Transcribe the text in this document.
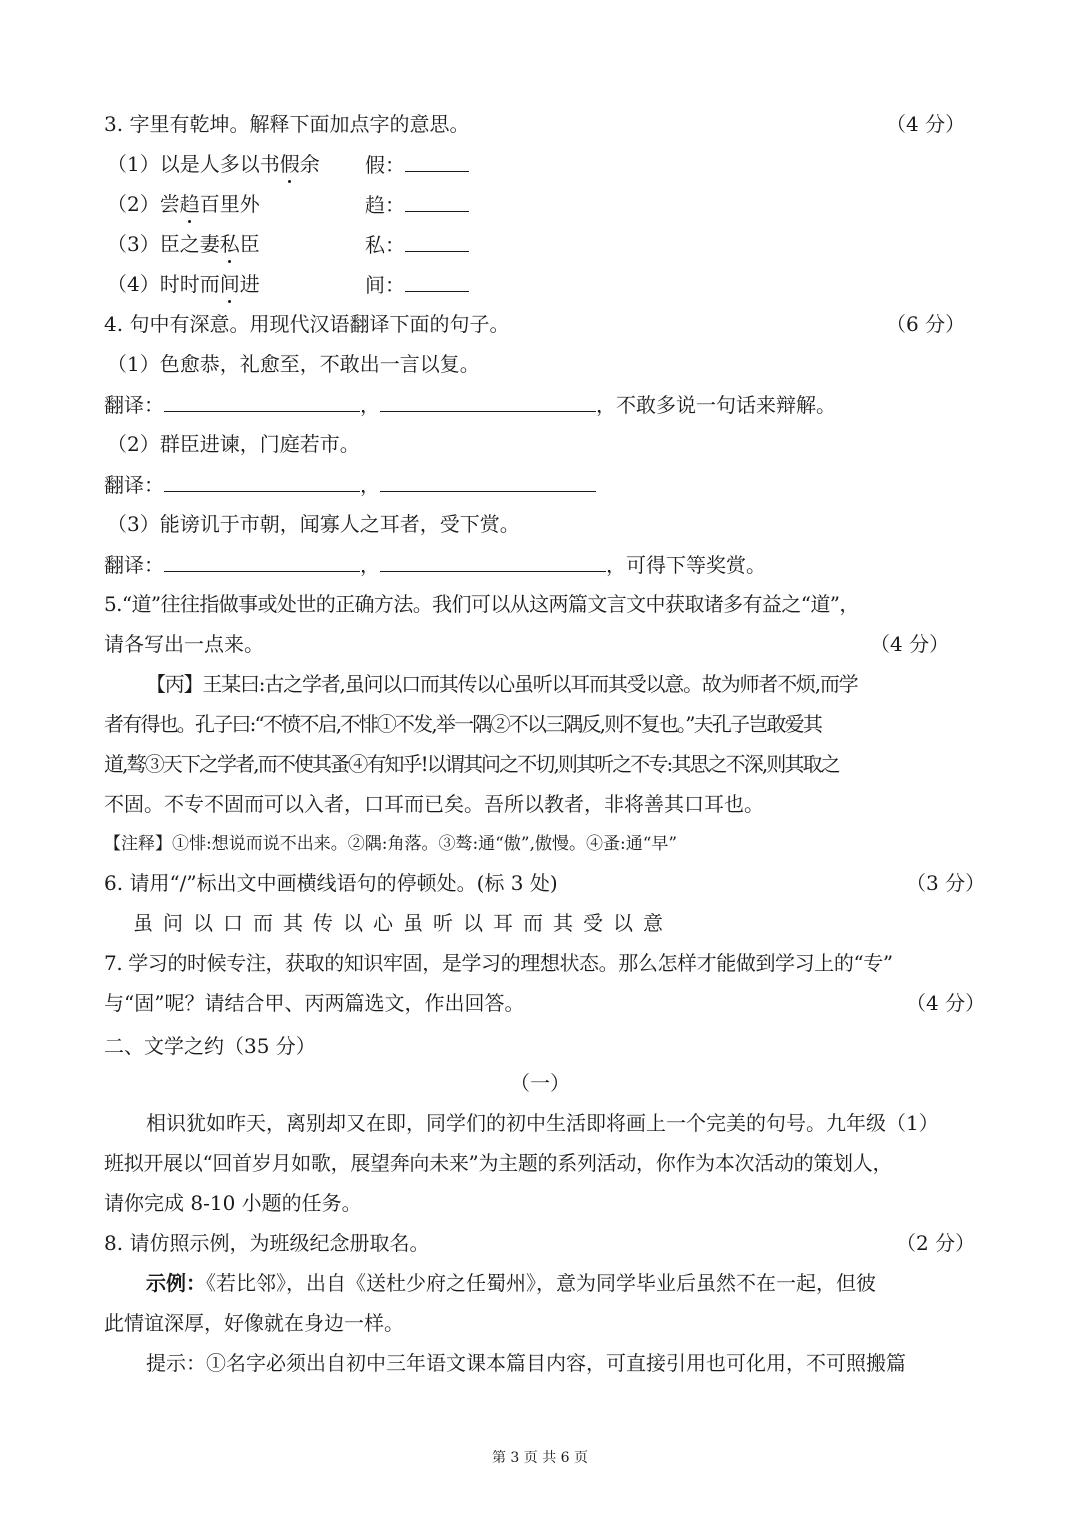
3. 字里有乾坤。解释下面加点字的意思。	（4 分）
（1）以是人多以书假余 假：
（2）尝趋百里外	趋：
（3）臣之妻私臣	私：
（4）时时而间进	间：
4. 句中有深意。用现代汉语翻译下面的句子。	（6 分）
（1）色愈恭，礼愈至，不敢出一言以复。
翻译：	，	，不敢多说一句话来辩解。
（2）群臣进谏，门庭若市。
翻译：	，
（3）能谤讥于市朝，闻寡人之耳者，受下赏。
翻译：	，	，可得下等奖赏。
5.“道”往往指做事或处世的正确方法。我们可以从这两篇文言文中获取诸多有益之“道”，
请各写出一点来。	（4 分）
【丙】王某曰:古之学者,虽问以口而其传以心虽听以耳而其受以意。故为师者不烦,而学
者有得也。孔子曰:“不愤不启,不悱①不发,举一隅②不以三隅反,则不复也。”夫孔子岂敢爱其
道,骜③天下之学者,而不使其蚤④有知乎!以谓其问之不切,则其听之不专:其思之不深,则其取之
不固。不专不固而可以入者，口耳而已矣。吾所以教者，非将善其口耳也。
【注释】①悱:想说而说不出来。②隅:角落。③骜:通“傲”,傲慢。④蚤:通“早”
6. 请用“/”标出文中画横线语句的停顿处。(标 3 处)	（3 分）
虽问以口而其传以心虽听以耳而其受以意
7. 学习的时候专注，获取的知识牢固，是学习的理想状态。那么怎样才能做到学习上的“专”
与“固”呢？请结合甲、丙两篇选文，作出回答。	（4 分）
二、文学之约（35 分）
（一）
相识犹如昨天，离别却又在即，同学们的初中生活即将画上一个完美的句号。九年级（1）
班拟开展以“回首岁月如歌，展望奔向未来”为主题的系列活动，你作为本次活动的策划人，
请你完成 8-10 小题的任务。
8. 请仿照示例，为班级纪念册取名。	（2 分）
示例：《若比邻》，出自《送杜少府之任蜀州》，意为同学毕业后虽然不在一起，但彼
此情谊深厚，好像就在身边一样。
提示：①名字必须出自初中三年语文课本篇目内容，可直接引用也可化用，不可照搬篇
第 3 页 共 6 页
